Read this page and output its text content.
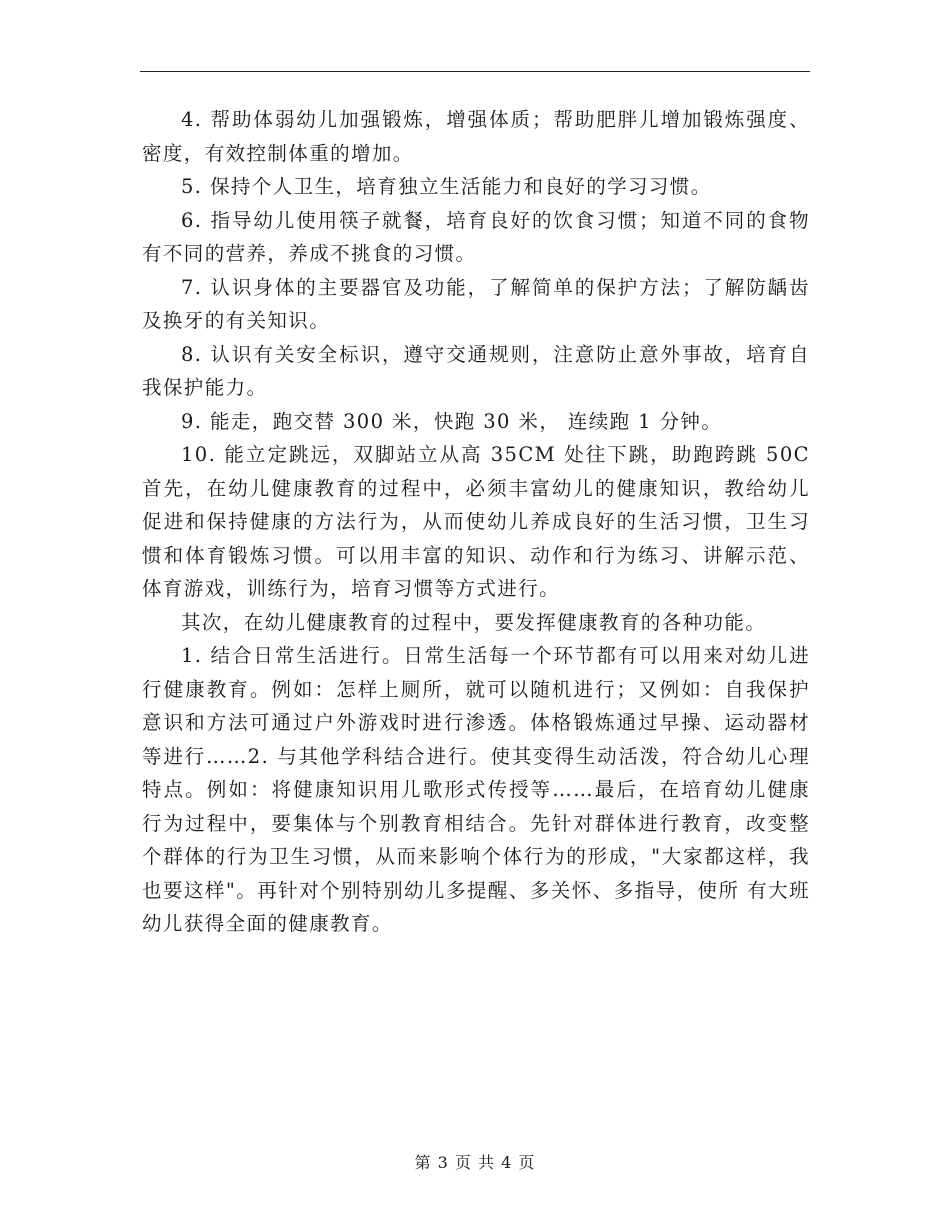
4. 帮助体弱幼儿加强锻炼，增强体质；帮助肥胖儿增加锻炼强度、密度，有效控制体重的增加。

5. 保持个人卫生，培育独立生活能力和良好的学习习惯。

6. 指导幼儿使用筷子就餐，培育良好的饮食习惯；知道不同的食物有不同的营养，养成不挑食的习惯。

7. 认识身体的主要器官及功能，了解简单的保护方法；了解防龋齿及换牙的有关知识。

8. 认识有关安全标识，遵守交通规则，注意防止意外事故，培育自我保护能力。

9. 能走，跑交替 300 米，快跑 30 米， 连续跑 1 分钟。

10. 能立定跳远，双脚站立从高 35CM 处往下跳，助跑跨跳 50C 首先，在幼儿健康教育的过程中，必须丰富幼儿的健康知识，教给幼儿促进和保持健康的方法行为，从而使幼儿养成良好的生活习惯，卫生习惯和体育锻炼习惯。可以用丰富的知识、动作和行为练习、讲解示范、体育游戏，训练行为，培育习惯等方式进行。

其次，在幼儿健康教育的过程中，要发挥健康教育的各种功能。

1. 结合日常生活进行。日常生活每一个环节都有可以用来对幼儿进行健康教育。例如：怎样上厕所，就可以随机进行；又例如：自我保护意识和方法可通过户外游戏时进行渗透。体格锻炼通过早操、运动器材等进行……2. 与其他学科结合进行。使其变得生动活泼，符合幼儿心理特点。例如：将健康知识用儿歌形式传授等……最后，在培育幼儿健康行为过程中，要集体与个别教育相结合。先针对群体进行教育，改变整个群体的行为卫生习惯，从而来影响个体行为的形成，"大家都这样，我也要这样"。再针对个别特别幼儿多提醒、多关怀、多指导，使所 有大班幼儿获得全面的健康教育。

第 3 页 共 4 页
